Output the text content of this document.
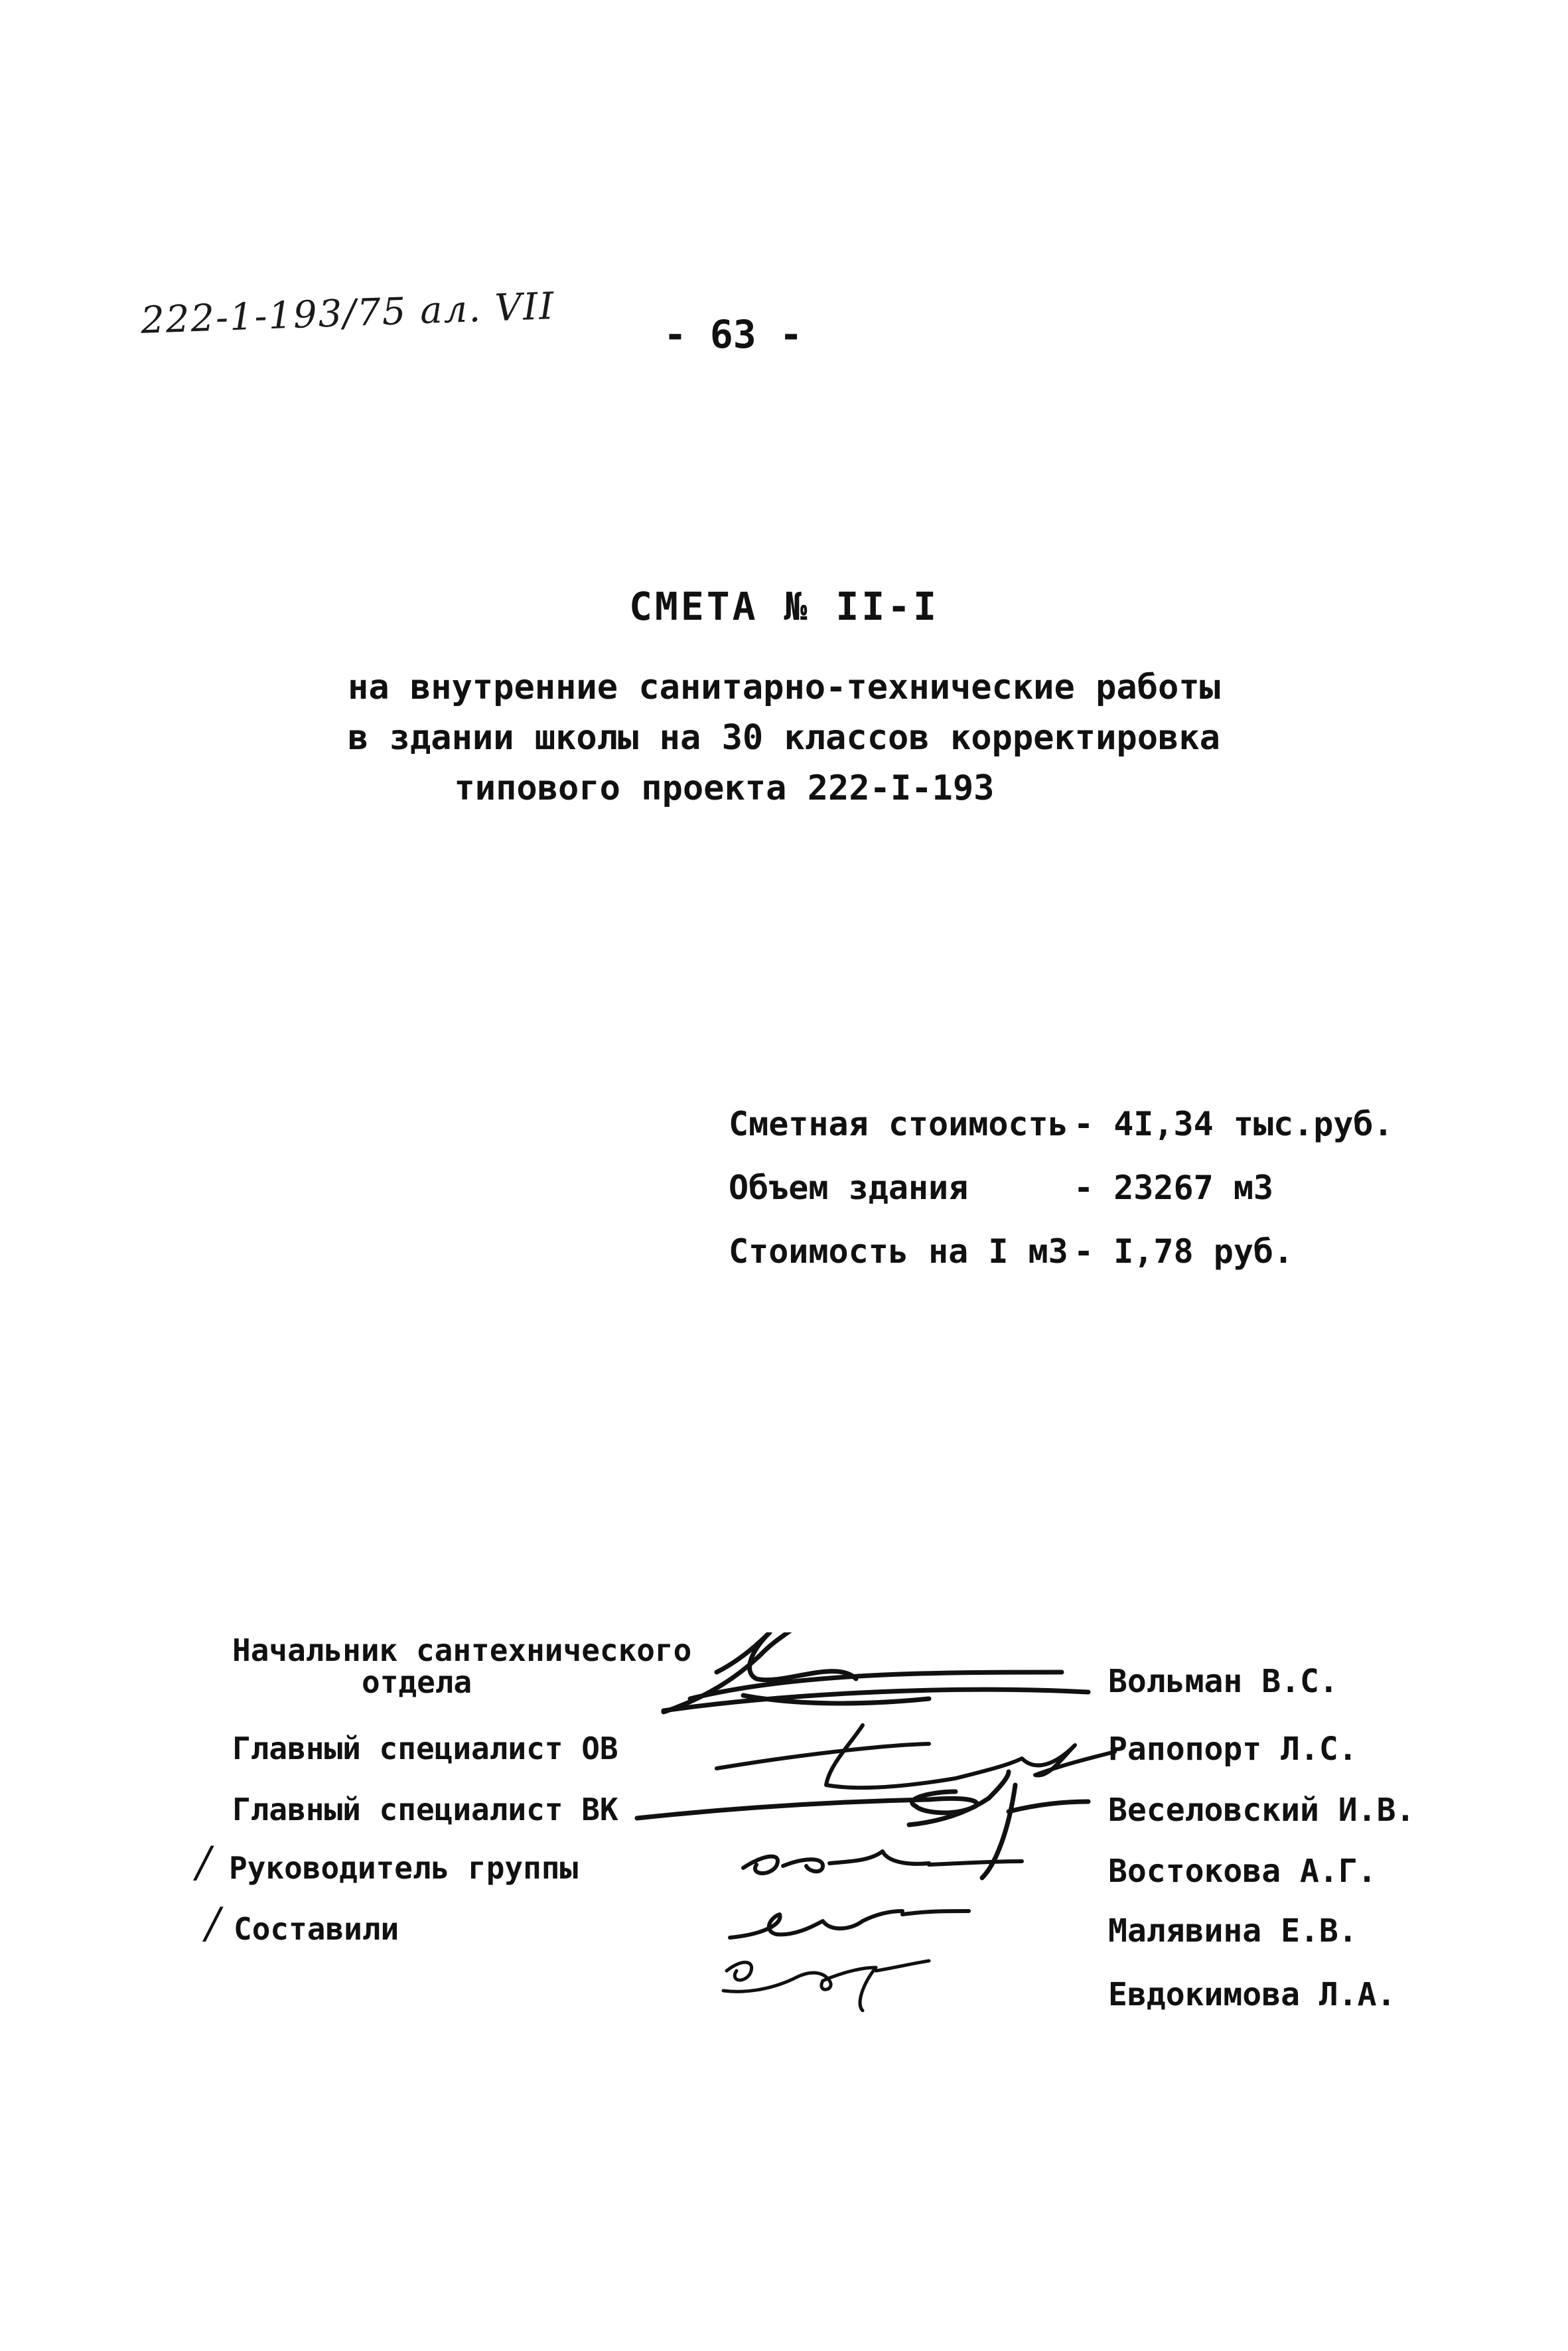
222-1-193/75 ал. VII	- 63 -
СМЕТА № II-I
на внутренние санитарно-технические работы
в здании школы на 30 классов корректировка
типового проекта 222-I-193
Сметная стоимость - 4I,34 тыс.руб.
Объем здания	- 23267 м3
Стоимость на I м3 - I,78 руб.
Начальник сантехнического
отдела
Главный специалист ОВ
Главный специалист ВК
/ Руководитель группы
/ Составили
Вольман В.С.
Рапопорт Л.С.
Веселовский И.В.
Востокова А.Г.
Малявина Е.В.
Евдокимова Л.А.
